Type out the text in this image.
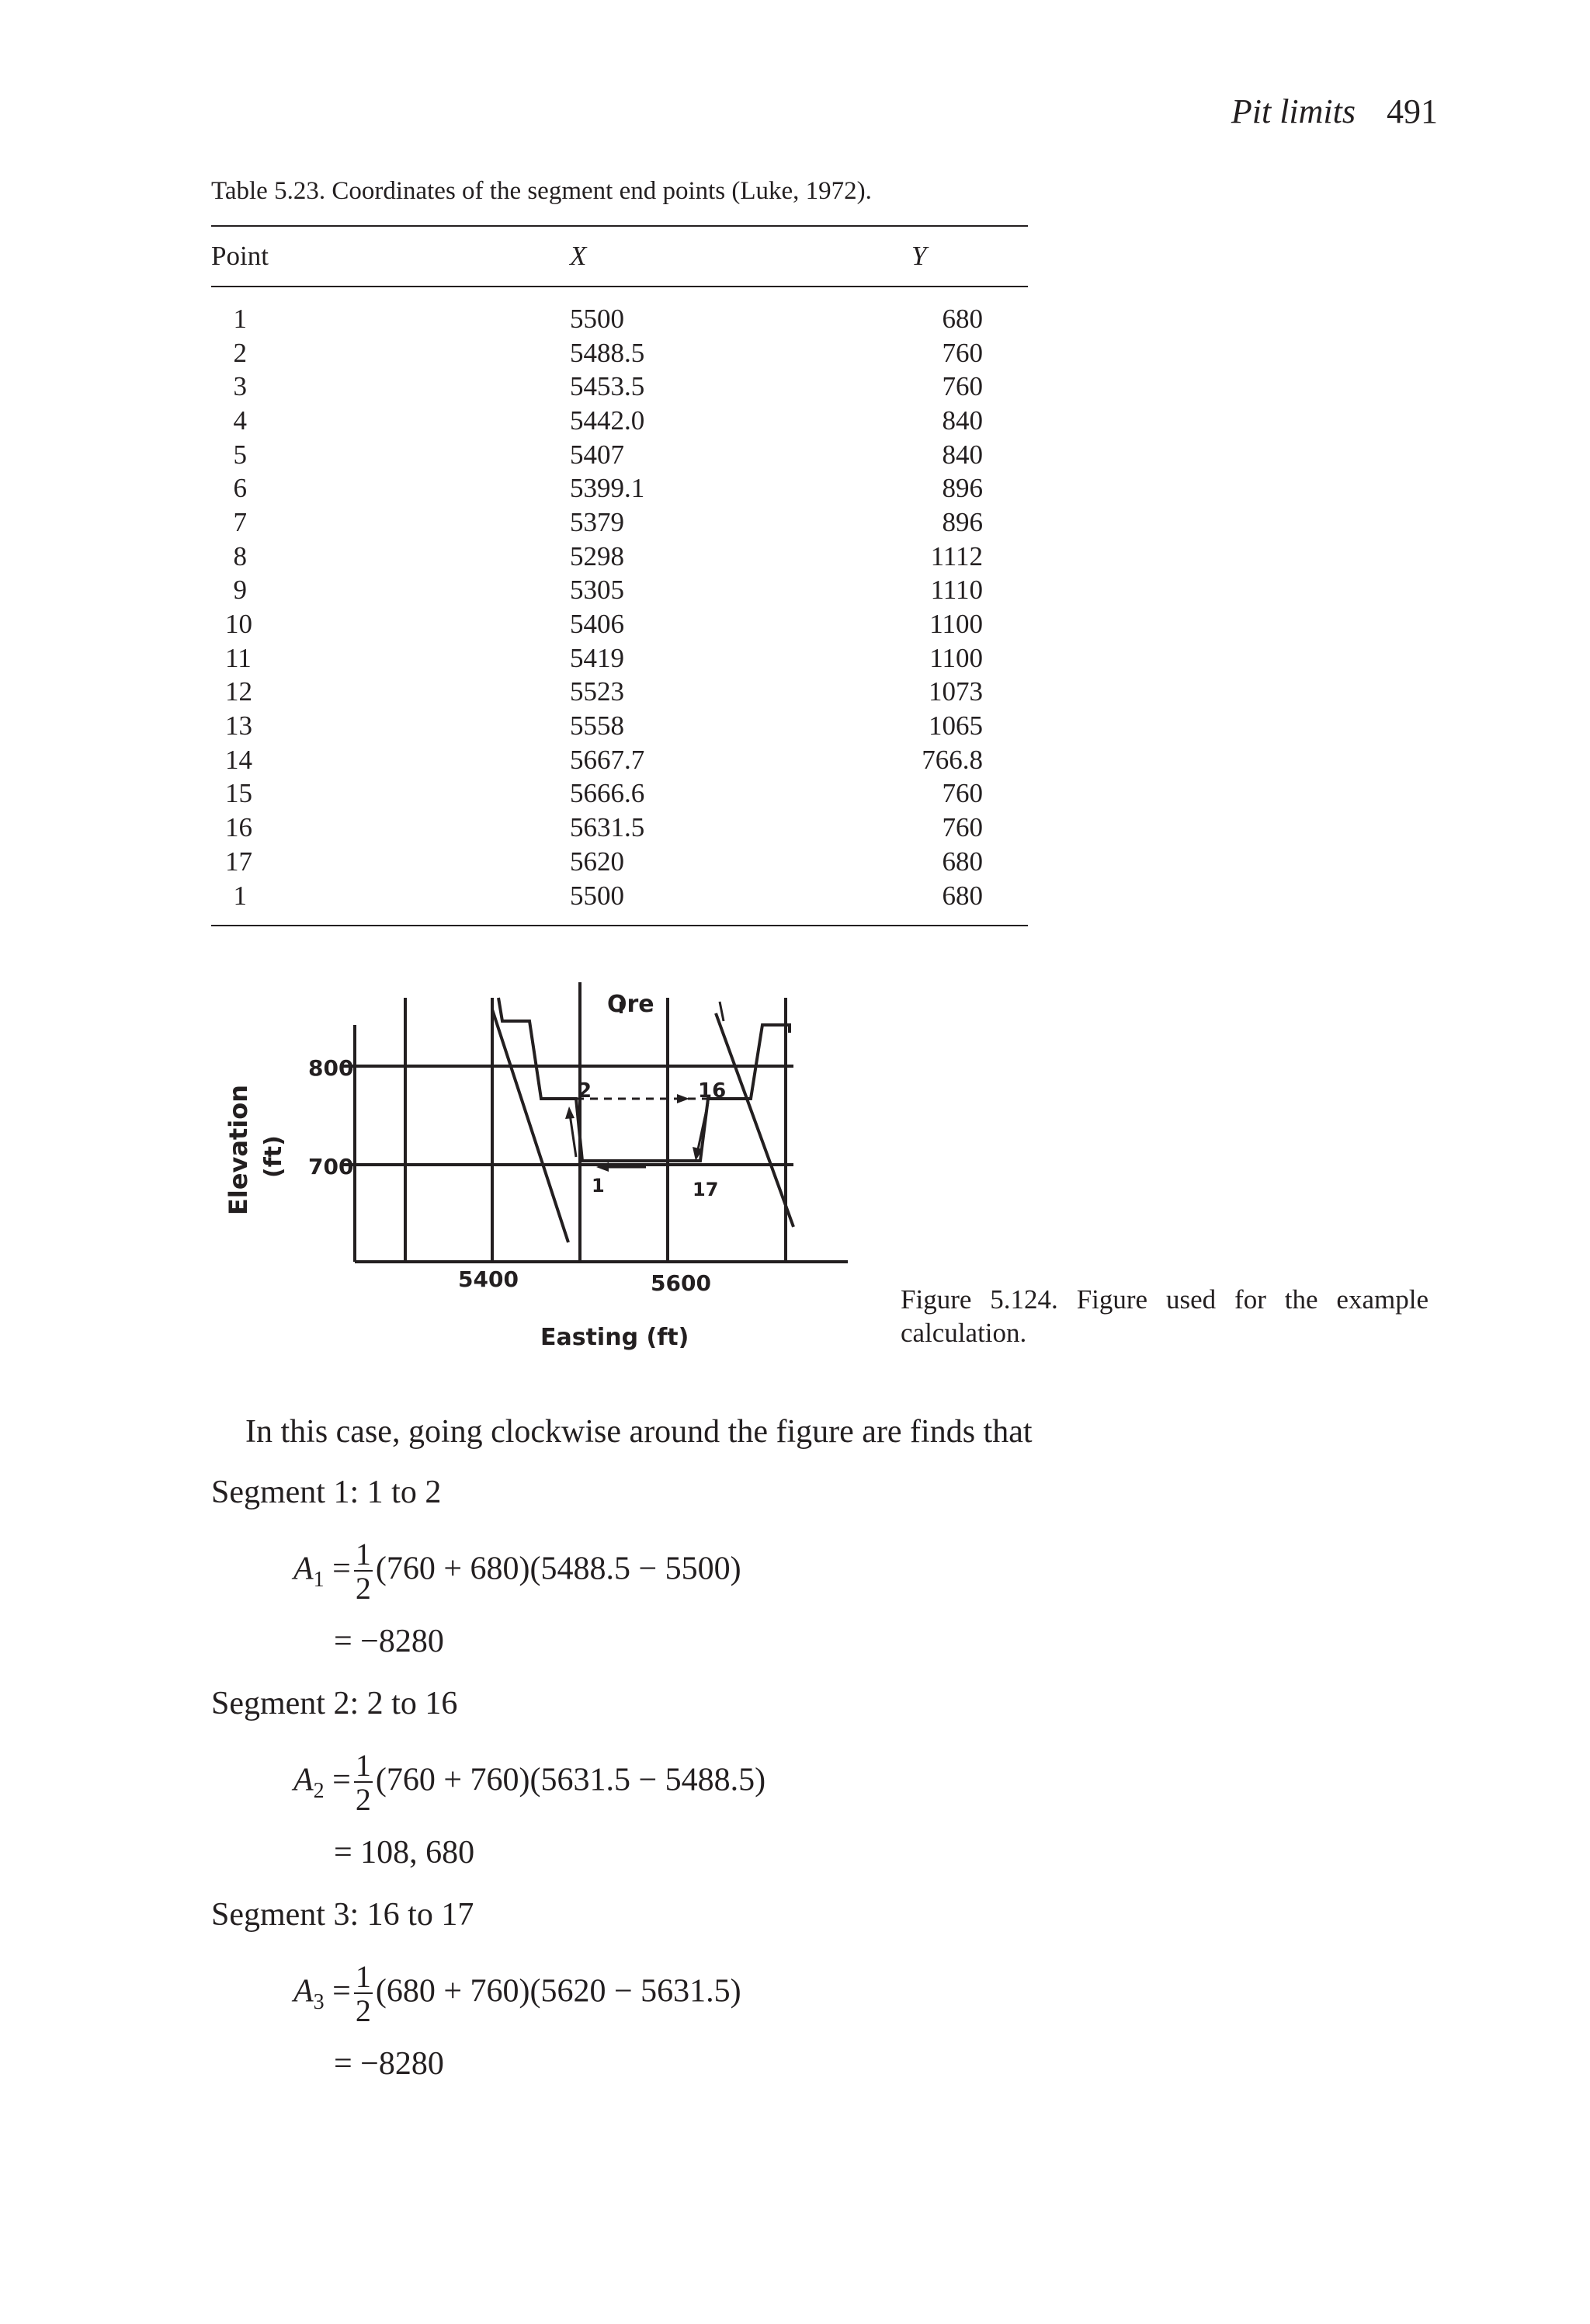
Pit limits 491
Table 5.23. Coordinates of the segment end points (Luke, 1972).
Point	X	Y
1	5500	680
2	5488.5	760
3	5453.5	760
4	5442.0	840
5	5407	840
6	5399.1	896
7	5379	896
8	5298	1112
9	5305	1110
10	5406	1100
11	5419	1100
12	5523	1073
13	5558	1065
14	5667.7	766.8
15	5666.6	760
16	5631.5	760
17	5620	680
1	5500	680
Ore
800
700
5400	5600
Easting (ft)
2	16
1	17
Elevation (ft)
Figure 5.124. Figure used for the example calculation.
In this case, going clockwise around the figure are finds that
Segment 1: 1 to 2
$A_1 = \frac{1}{2} (760 + 680)(5488.5 - 5500)$
= −8280
Segment 2: 2 to 16
$A_2 = \frac{1}{2} (760 + 760)(5631.5 - 5488.5)$
= 108, 680
Segment 3: 16 to 17
$A_3 = \frac{1}{2} (680 + 760)(5620 - 5631.5)$
= −8280
